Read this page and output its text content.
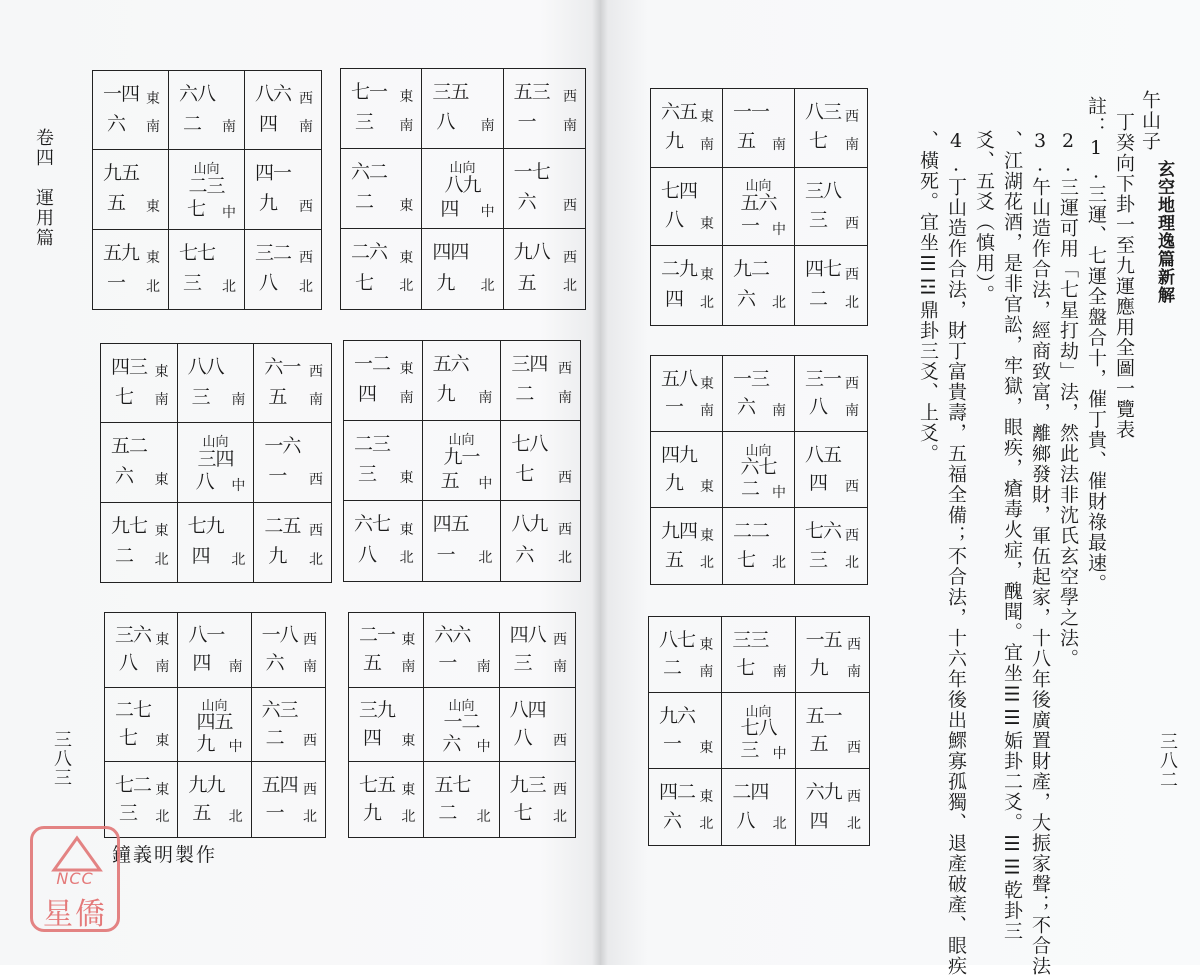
卷四　運用篇
三八三
一四
六
東
南
六八
二 南
八六
四
西
南
九五
五 東
山向
二三
七 中
四一
九 西
五九
一
東
北
七七
三 北
三二
八
西
北
七一
三
東
南
三五
八 南
五三
一
西
南
六二
二 東
山向
八九
四 中
一七
六 西
二六
七
東
北
四四
九 北
九八
五
西
北
四三
七
東
南
八八
三 南
六一
五
西
南
五二
六 東
山向
三四
八 中
一六
一 西
九七
二
東
北
七九
四 北
二五
九
西
北
一二
四
東
南
五六
九 南
三四
二
西
南
二三
三 東
山向
九一
五 中
七八
七 西
六七
八
東
北
四五
一 北
八九
六
西
北
三六
八
東
南
八一
四 南
一八
六
西
南
二七
七 東
山向
四五
九 中
六三
二 西
七二
三
東
北
九九
五 北
五四
一
西
北
二一
五
東
南
六六
一 南
四八
三
西
南
三九
四 東
山向
一二
六 中
八四
八 西
七五
九
東
北
五七
二 北
九三
七
西
北
鐘義明製作
NCC
星僑
六五
九
東
南
一一
五 南
八三
七
西
南
七四
八 東
山向
五六
一 中
三八
三 西
二九
四
東
北
九二
六 北
四七
二
西
北
五八
一
東
南
一三
六 南
三一
八
西
南
四九
九 東
山向
六七
二 中
八五
四 西
九四
五
東
北
二二
七 北
七六
三
西
北
八七
二
東
南
三三
七 南
一五
九
西
南
九六
一 東
山向
七八
三 中
五一
五 西
四二
六
東
北
二四
八 北
六九
四
西
北
午山子
丁癸向下卦一至九運應用全圖一覽表
註：1.三運、七運全盤合十，催丁貴、催財祿最速。
2.三運可用「七星打劫」法，然此法非沈氏玄空學之法。
3.午山造作合法，經商致富，離鄉發財，軍伍起家，十八年後廣置財產，大振家聲；不合法
、江湖花酒，是非官訟，牢獄，眼疾，瘡毒火症，醜聞。宜坐☰☰姤卦二爻。☰☰乾卦三
爻、五爻（慎用）。
4.丁山造作合法，財丁富貴壽，五福全備；不合法，十六年後出鰥寡孤獨、退產破產、眼疾
、橫死。宜坐☰☲鼎卦三爻、上爻。	玄空地理逸篇新解
三八二
